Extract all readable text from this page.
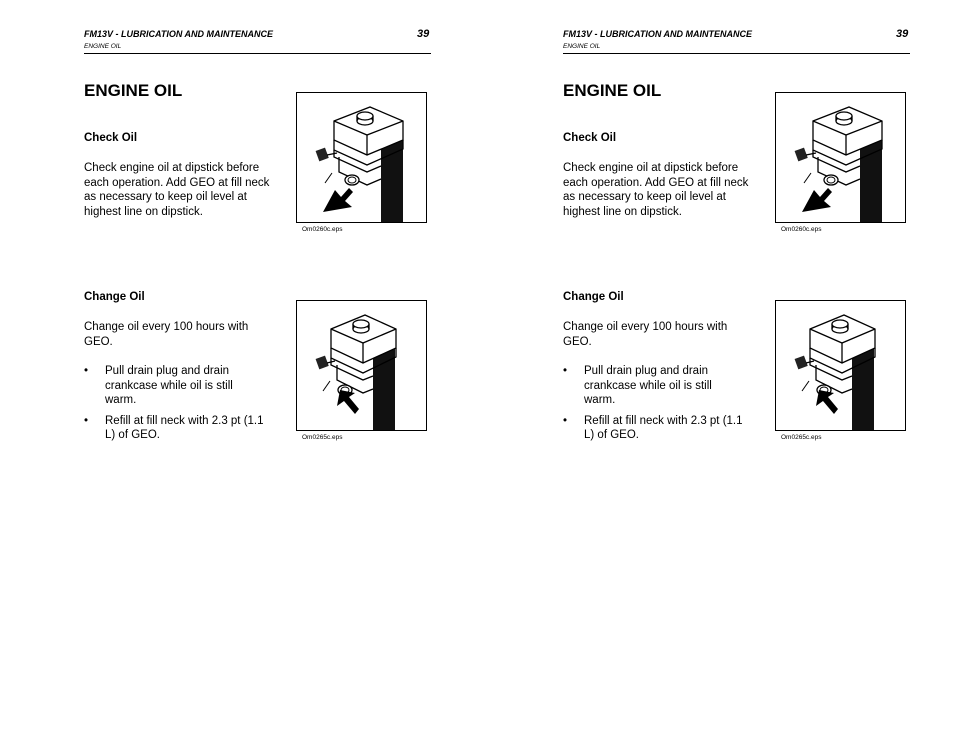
FM13V - LUBRICATION AND MAINTENANCE
ENGINE OIL
39
ENGINE OIL
Check Oil
Check engine oil at dipstick before each operation. Add GEO at fill neck as necessary to keep oil level at highest line on dipstick.
Om0260c.eps
Change Oil
Change oil every 100 hours with GEO.
• Pull drain plug and drain crankcase while oil is still warm.
• Refill at fill neck with 2.3 pt (1.1 L) of GEO.	Om0265c.eps
FM13V - LUBRICATION AND MAINTENANCE
ENGINE OIL
39
ENGINE OIL
Check Oil
Check engine oil at dipstick before each operation. Add GEO at fill neck as necessary to keep oil level at highest line on dipstick.
Om0260c.eps
Change Oil
Change oil every 100 hours with GEO.
• Pull drain plug and drain crankcase while oil is still warm.
• Refill at fill neck with 2.3 pt (1.1 L) of GEO.	Om0265c.eps
